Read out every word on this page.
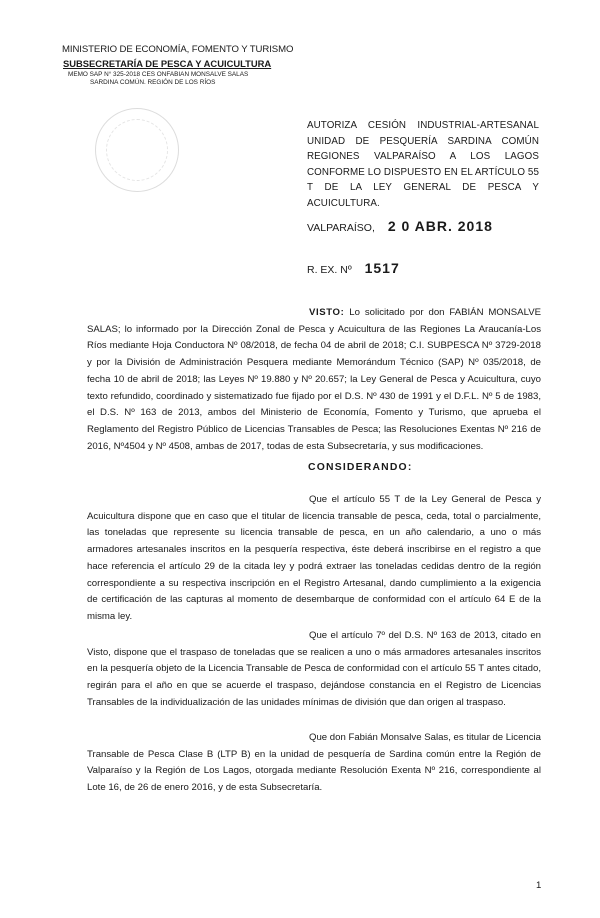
MINISTERIO DE ECONOMÍA, FOMENTO Y TURISMO
SUBSECRETARÍA DE PESCA Y ACUICULTURA
MEMO SAP N° 325-2018 CES ONFABIAN MONSALVE SALAS
SARDINA COMÚN. REGIÓN DE LOS RÍOS
AUTORIZA CESIÓN INDUSTRIAL-ARTESANAL UNIDAD DE PESQUERÍA SARDINA COMÚN REGIONES VALPARAÍSO A LOS LAGOS CONFORME LO DISPUESTO EN EL ARTÍCULO 55 T DE LA LEY GENERAL DE PESCA Y ACUICULTURA.
VALPARAÍSO, 2 0 ABR. 2018
R. EX. Nº 1517
VISTO: Lo solicitado por don FABIÁN MONSALVE SALAS; lo informado por la Dirección Zonal de Pesca y Acuicultura de las Regiones La Araucanía-Los Ríos mediante Hoja Conductora Nº 08/2018, de fecha 04 de abril de 2018; C.I. SUBPESCA Nº 3729-2018 y por la División de Administración Pesquera mediante Memorándum Técnico (SAP) Nº 035/2018, de fecha 10 de abril de 2018; las Leyes Nº 19.880 y Nº 20.657; la Ley General de Pesca y Acuicultura, cuyo texto refundido, coordinado y sistematizado fue fijado por el D.S. Nº 430 de 1991 y el D.F.L. Nº 5 de 1983, el D.S. Nº 163 de 2013, ambos del Ministerio de Economía, Fomento y Turismo, que aprueba el Reglamento del Registro Público de Licencias Transables de Pesca; las Resoluciones Exentas Nº 216 de 2016, Nº4504 y Nº 4508, ambas de 2017, todas de esta Subsecretaría, y sus modificaciones.
CONSIDERANDO:
Que el artículo 55 T de la Ley General de Pesca y Acuicultura dispone que en caso que el titular de licencia transable de pesca, ceda, total o parcialmente, las toneladas que represente su licencia transable de pesca, en un año calendario, a uno o más armadores artesanales inscritos en la pesquería respectiva, éste deberá inscribirse en el registro a que hace referencia el artículo 29 de la citada ley y podrá extraer las toneladas cedidas dentro de la región correspondiente a su respectiva inscripción en el Registro Artesanal, dando cumplimiento a la exigencia de certificación de las capturas al momento de desembarque de conformidad con el artículo 64 E de la misma ley.
Que el artículo 7º del D.S. Nº 163 de 2013, citado en Visto, dispone que el traspaso de toneladas que se realicen a uno o más armadores artesanales inscritos en la pesquería objeto de la Licencia Transable de Pesca de conformidad con el artículo 55 T antes citado, regirán para el año en que se acuerde el traspaso, dejándose constancia en el Registro de Licencias Transables de la individualización de las unidades mínimas de división que dan origen al traspaso.
Que don Fabián Monsalve Salas, es titular de Licencia Transable de Pesca Clase B (LTP B) en la unidad de pesquería de Sardina común entre la Región de Valparaíso y la Región de Los Lagos, otorgada mediante Resolución Exenta Nº 216, correspondiente al Lote 16, de 26 de enero 2016, y de esta Subsecretaría.
1
